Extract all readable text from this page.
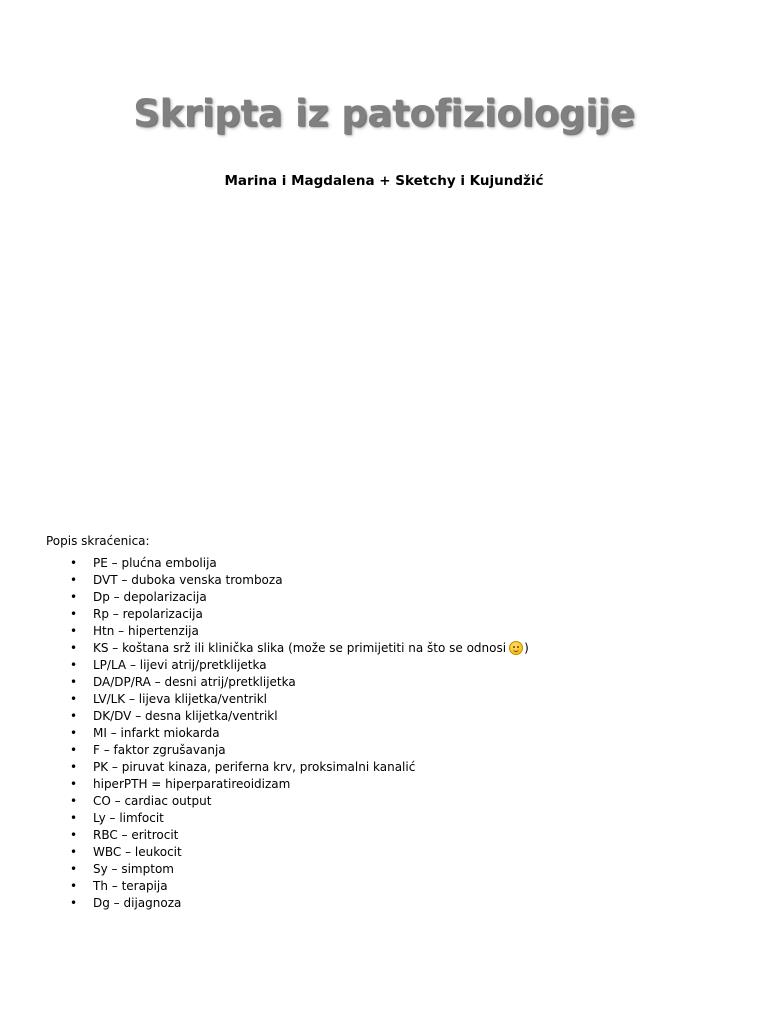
Skripta iz patofiziologije

Marina i Magdalena + Sketchy i Kujundžić

Popis skraćenica:

• PE – plućna embolija
• DVT – duboka venska tromboza
• Dp – depolarizacija
• Rp – repolarizacija
• Htn – hipertenzija
• KS – koštana srž ili klinička slika (može se primijetiti na što se odnosi )
• LP/LA – lijevi atrij/pretklijetka
• DA/DP/RA – desni atrij/pretklijetka
• LV/LK – lijeva klijetka/ventrikl
• DK/DV – desna klijetka/ventrikl
• MI – infarkt miokarda
• F – faktor zgrušavanja
• PK – piruvat kinaza, periferna krv, proksimalni kanalić
• hiperPTH = hiperparatireoidizam
• CO – cardiac output
• Ly – limfocit
• RBC – eritrocit
• WBC – leukocit
• Sy – simptom
• Th – terapija
• Dg – dijagnoza
